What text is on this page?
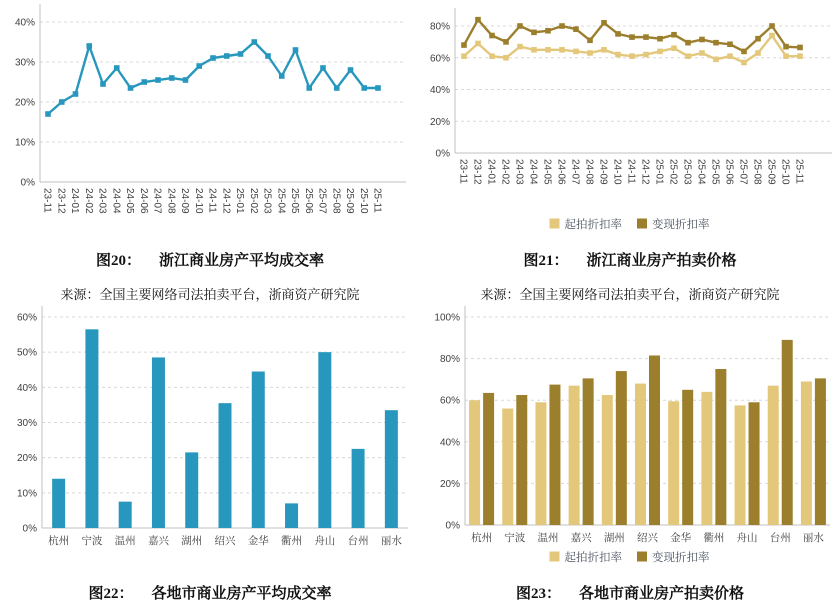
0%
10%
20%
30%
40%
23-11 23-12 24-01 24-02 24-03 24-04 24-05 24-06 24-07 24-08 24-09 24-10 24-11 24-12 25-01 25-02 25-03 25-04 25-05 25-06 25-07 25-08 25-09 25-10 25-11
0%
20%
40%
60%
80%
23-11 23-12 24-01 24-02 24-03 24-04 24-05 24-06 24-07 24-08 24-09 24-10 24-11 24-12 25-01 25-02 25-03 25-04 25-05 25-06 25-07 25-08 25-09 25-10 25-11
起拍折扣率	变现折扣率
图20： 浙江商业房产平均成交率
来源：全国主要网络司法拍卖平台，浙商资产研究院
图21： 浙江商业房产拍卖价格
来源：全国主要网络司法拍卖平台，浙商资产研究院
0%
10%
20%
30%
40%
50%
60%
杭州 宁波 温州 嘉兴 湖州 绍兴 金华 衢州 舟山 台州 丽水
0%
20%
40%
60%
80%
100%
杭州 宁波 温州 嘉兴 湖州 绍兴 金华 衢州 舟山 台州 丽水
起拍折扣率	变现折扣率
图22： 各地市商业房产平均成交率	图23： 各地市商业房产拍卖价格
